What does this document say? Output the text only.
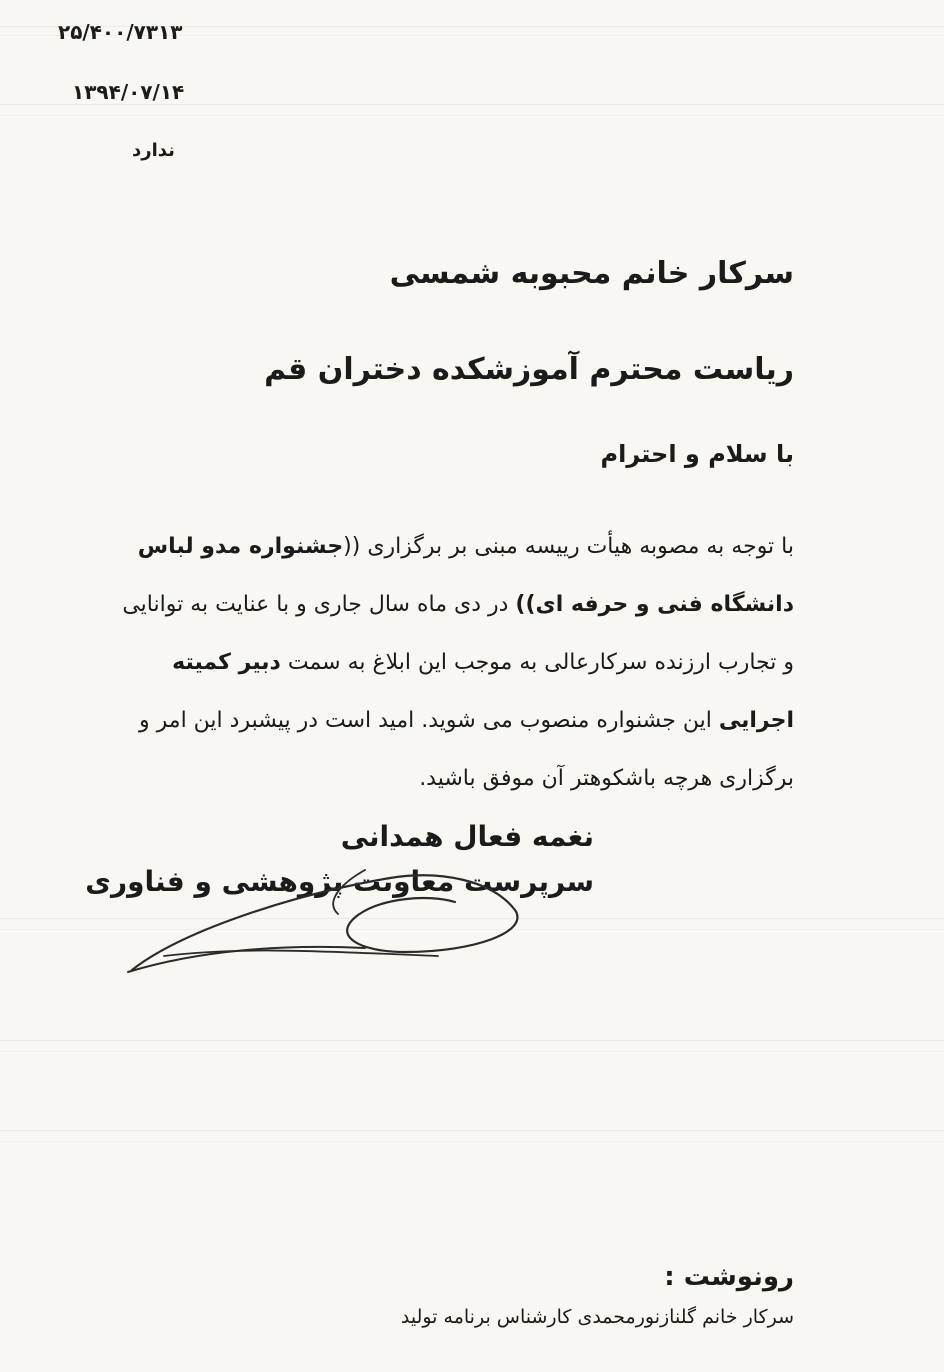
۲۵/۴۰۰/۷۳۱۳
۱۳۹۴/۰۷/۱۴
ندارد
سرکار خانم محبوبه شمسی
ریاست محترم آموزشکده دختران قم
با سلام و احترام

با توجه به مصوبه هیأت رییسه مبنی بر برگزاری ((جشنواره مدو لباس

دانشگاه فنی و حرفه ای)) در دی ماه سال جاری و با عنایت به توانایی

و تجارب ارزنده سرکارعالی به موجب این ابلاغ به سمت دبیر کمیته

اجرایی این جشنواره منصوب می شوید. امید است در پیشبرد این امر و

برگزاری هرچه باشکوهتر آن موفق باشید.

نغمه فعال همدانی
سرپرست معاونت پژوهشی و فناوری
رونوشت :
سرکار خانم گلنازنورمحمدی کارشناس برنامه تولید
